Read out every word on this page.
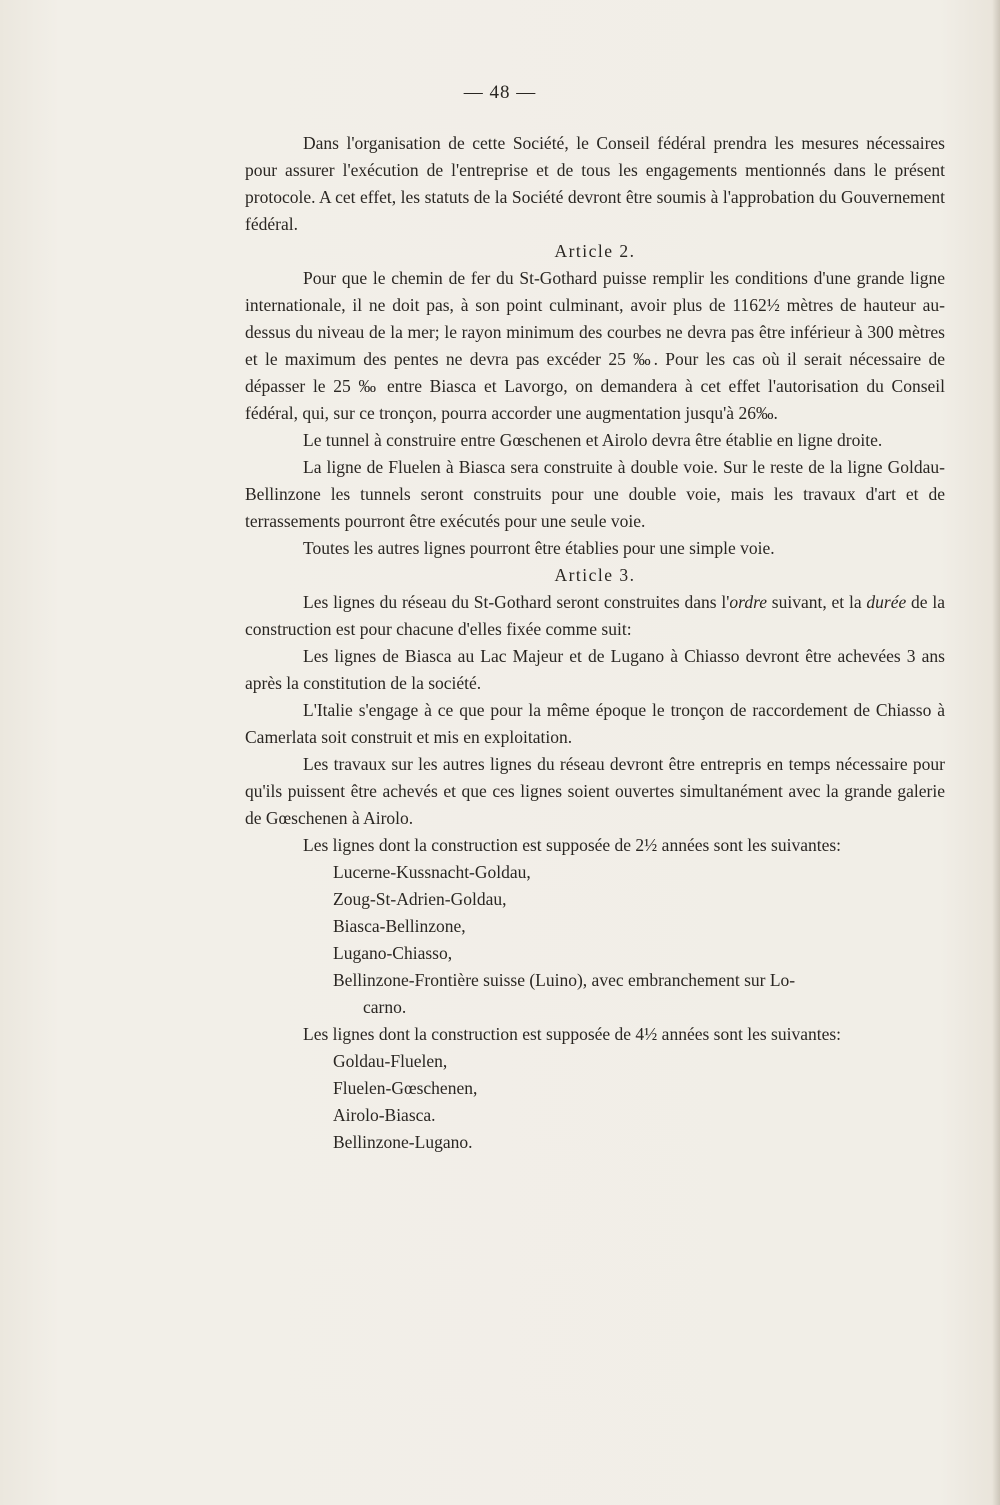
— 48 —

Dans l'organisation de cette Société, le Conseil fédéral prendra les mesures nécessaires pour assurer l'exécution de l'entreprise et de tous les engagements mentionnés dans le présent protocole. A cet effet, les statuts de la Société devront être soumis à l'approbation du Gouvernement fédéral.

Article 2.

Pour que le chemin de fer du St-Gothard puisse remplir les conditions d'une grande ligne internationale, il ne doit pas, à son point culminant, avoir plus de 1162½ mètres de hauteur au-dessus du niveau de la mer; le rayon minimum des courbes ne devra pas être inférieur à 300 mètres et le maximum des pentes ne devra pas excéder 25 ‰. Pour les cas où il serait nécessaire de dépasser le 25 ‰ entre Biasca et Lavorgo, on demandera à cet effet l'autorisation du Conseil fédéral, qui, sur ce tronçon, pourra accorder une augmentation jusqu'à 26‰.

Le tunnel à construire entre Gœschenen et Airolo devra être établie en ligne droite.

La ligne de Fluelen à Biasca sera construite à double voie. Sur le reste de la ligne Goldau-Bellinzone les tunnels seront construits pour une double voie, mais les travaux d'art et de terrassements pourront être exécutés pour une seule voie.

Toutes les autres lignes pourront être établies pour une simple voie.

Article 3.

Les lignes du réseau du St-Gothard seront construites dans l'ordre suivant, et la durée de la construction est pour chacune d'elles fixée comme suit:

Les lignes de Biasca au Lac Majeur et de Lugano à Chiasso devront être achevées 3 ans après la constitution de la société.

L'Italie s'engage à ce que pour la même époque le tronçon de raccordement de Chiasso à Camerlata soit construit et mis en exploitation.

Les travaux sur les autres lignes du réseau devront être entrepris en temps nécessaire pour qu'ils puissent être achevés et que ces lignes soient ouvertes simultanément avec la grande galerie de Gœschenen à Airolo.

Les lignes dont la construction est supposée de 2½ années sont les suivantes:

Lucerne-Kussnacht-Goldau,
Zoug-St-Adrien-Goldau,
Biasca-Bellinzone,
Lugano-Chiasso,
Bellinzone-Frontière suisse (Luino), avec embranchement sur Lo-
carno.

Les lignes dont la construction est supposée de 4½ années sont les suivantes:

Goldau-Fluelen,
Fluelen-Gœschenen,
Airolo-Biasca.
Bellinzone-Lugano.
